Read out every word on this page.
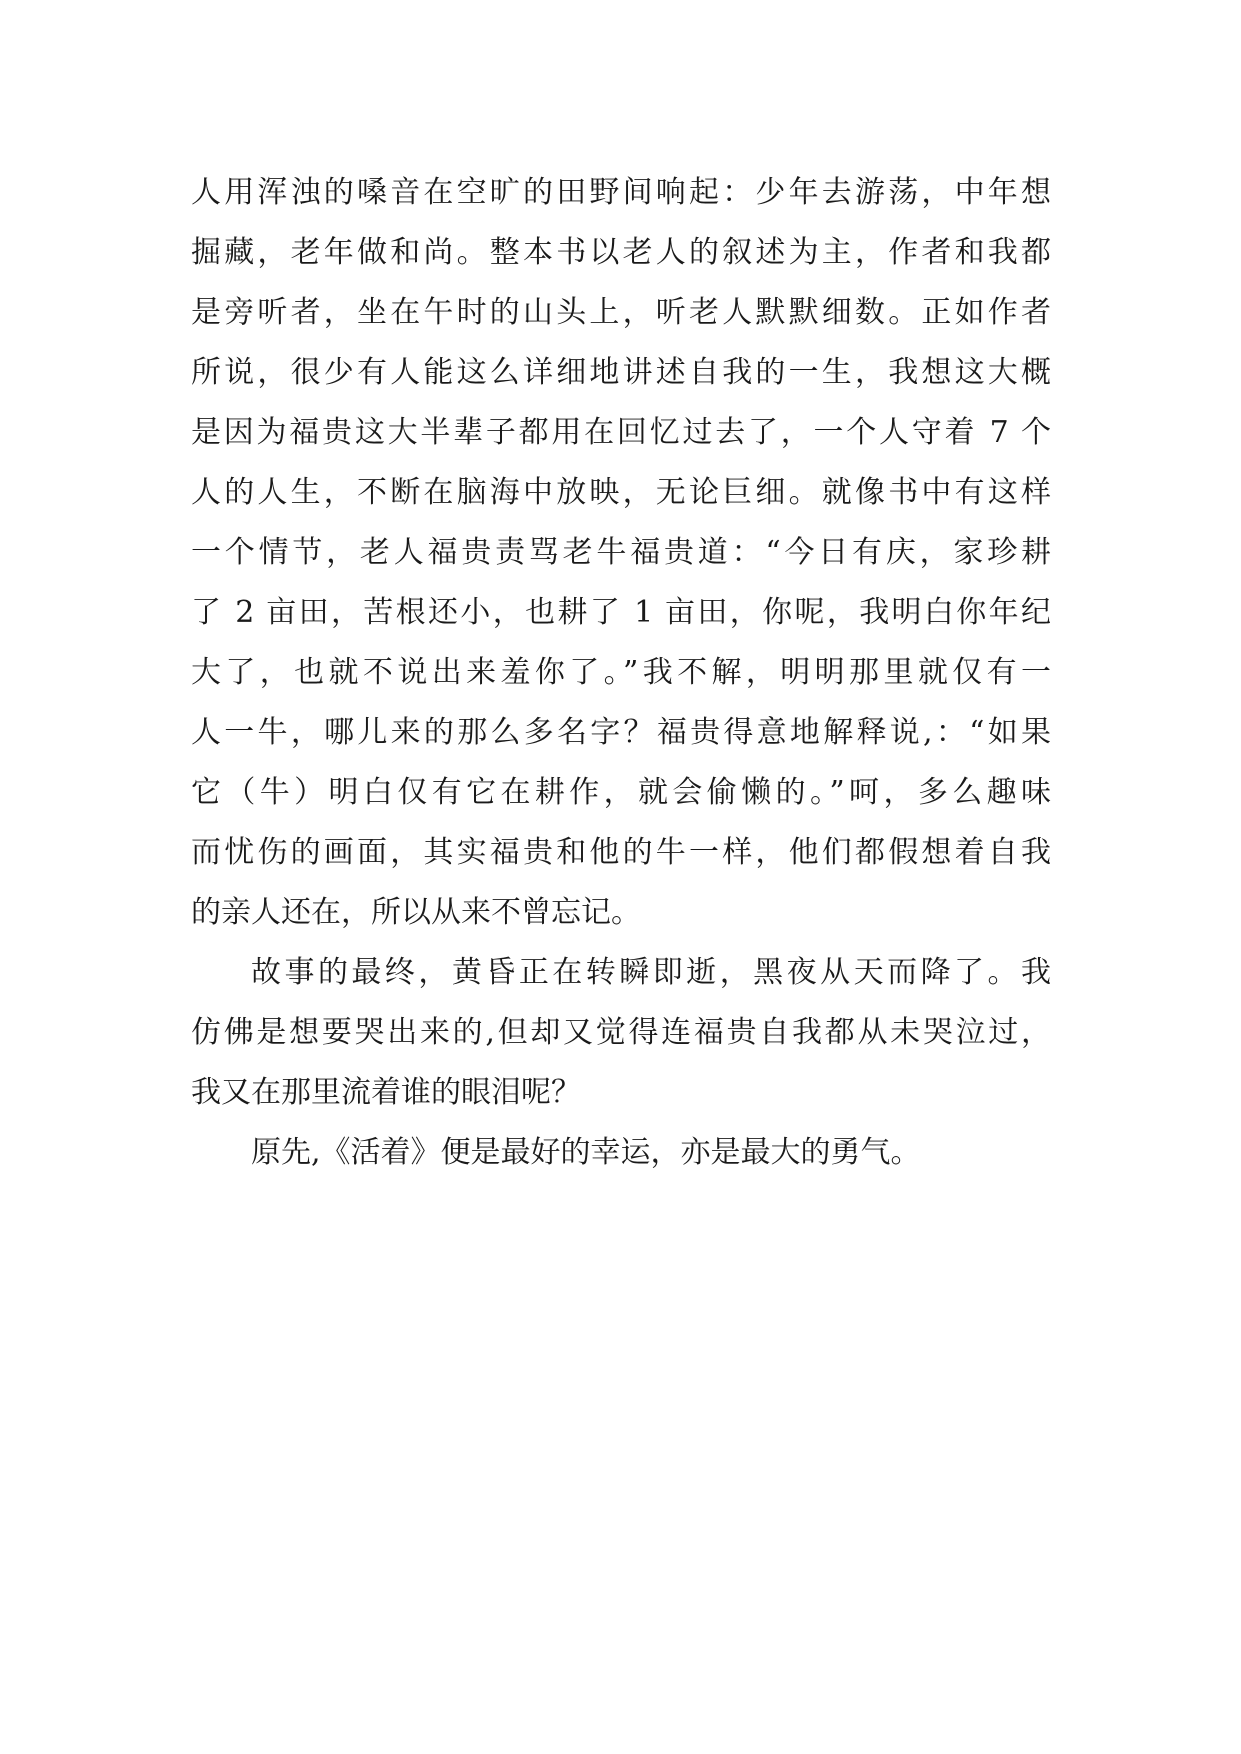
人用浑浊的嗓音在空旷的田野间响起：少年去游荡，中年想
掘藏，老年做和尚。整本书以老人的叙述为主，作者和我都
是旁听者，坐在午时的山头上，听老人默默细数。正如作者
所说，很少有人能这么详细地讲述自我的一生，我想这大概
是因为福贵这大半辈子都用在回忆过去了，一个人守着 7 个
人的人生，不断在脑海中放映，无论巨细。就像书中有这样
一个情节，老人福贵责骂老牛福贵道：“今日有庆，家珍耕
了 2 亩田，苦根还小，也耕了 1 亩田，你呢，我明白你年纪
大了，也就不说出来羞你了。”我不解，明明那里就仅有一
人一牛，哪儿来的那么多名字？福贵得意地解释说,：“如果
它（牛）明白仅有它在耕作，就会偷懒的。”呵，多么趣味
而忧伤的画面，其实福贵和他的牛一样，他们都假想着自我
的亲人还在，所以从来不曾忘记。
故事的最终，黄昏正在转瞬即逝，黑夜从天而降了。我
仿佛是想要哭出来的,但却又觉得连福贵自我都从未哭泣过，
我又在那里流着谁的眼泪呢？
原先,《活着》便是最好的幸运，亦是最大的勇气。
